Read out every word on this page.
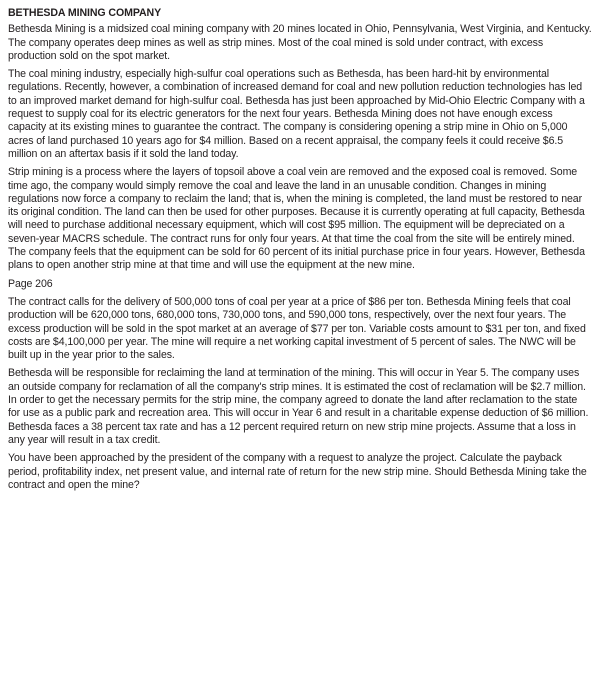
BETHESDA MINING COMPANY
Bethesda Mining is a midsized coal mining company with 20 mines located in Ohio, Pennsylvania, West Virginia, and Kentucky. The company operates deep mines as well as strip mines. Most of the coal mined is sold under contract, with excess production sold on the spot market.
The coal mining industry, especially high-sulfur coal operations such as Bethesda, has been hard-hit by environmental regulations. Recently, however, a combination of increased demand for coal and new pollution reduction technologies has led to an improved market demand for high-sulfur coal. Bethesda has just been approached by Mid-Ohio Electric Company with a request to supply coal for its electric generators for the next four years. Bethesda Mining does not have enough excess capacity at its existing mines to guarantee the contract. The company is considering opening a strip mine in Ohio on 5,000 acres of land purchased 10 years ago for $4 million. Based on a recent appraisal, the company feels it could receive $6.5 million on an aftertax basis if it sold the land today.
Strip mining is a process where the layers of topsoil above a coal vein are removed and the exposed coal is removed. Some time ago, the company would simply remove the coal and leave the land in an unusable condition. Changes in mining regulations now force a company to reclaim the land; that is, when the mining is completed, the land must be restored to near its original condition. The land can then be used for other purposes. Because it is currently operating at full capacity, Bethesda will need to purchase additional necessary equipment, which will cost $95 million. The equipment will be depreciated on a seven-year MACRS schedule. The contract runs for only four years. At that time the coal from the site will be entirely mined. The company feels that the equipment can be sold for 60 percent of its initial purchase price in four years. However, Bethesda plans to open another strip mine at that time and will use the equipment at the new mine.
Page 206
The contract calls for the delivery of 500,000 tons of coal per year at a price of $86 per ton. Bethesda Mining feels that coal production will be 620,000 tons, 680,000 tons, 730,000 tons, and 590,000 tons, respectively, over the next four years. The excess production will be sold in the spot market at an average of $77 per ton. Variable costs amount to $31 per ton, and fixed costs are $4,100,000 per year. The mine will require a net working capital investment of 5 percent of sales. The NWC will be built up in the year prior to the sales.
Bethesda will be responsible for reclaiming the land at termination of the mining. This will occur in Year 5. The company uses an outside company for reclamation of all the company's strip mines. It is estimated the cost of reclamation will be $2.7 million. In order to get the necessary permits for the strip mine, the company agreed to donate the land after reclamation to the state for use as a public park and recreation area. This will occur in Year 6 and result in a charitable expense deduction of $6 million. Bethesda faces a 38 percent tax rate and has a 12 percent required return on new strip mine projects. Assume that a loss in any year will result in a tax credit.
You have been approached by the president of the company with a request to analyze the project. Calculate the payback period, profitability index, net present value, and internal rate of return for the new strip mine. Should Bethesda Mining take the contract and open the mine?
